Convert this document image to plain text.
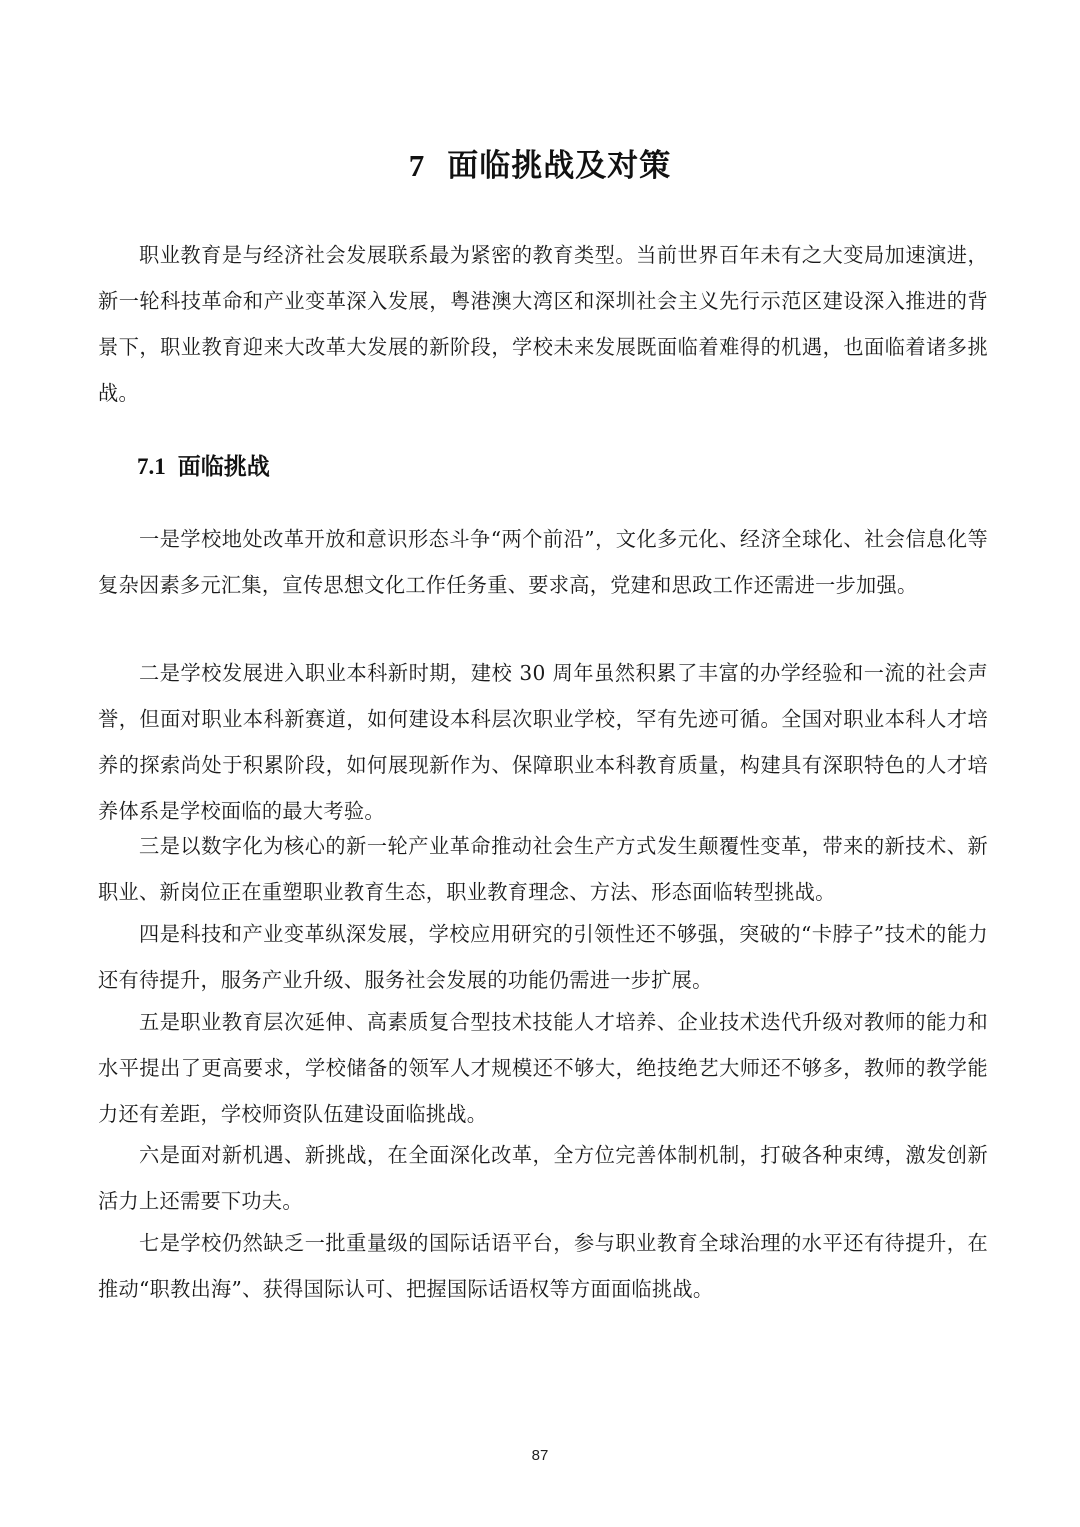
7 面临挑战及对策

职业教育是与经济社会发展联系最为紧密的教育类型。当前世界百年未有之大变局加速演进，新一轮科技革命和产业变革深入发展，粤港澳大湾区和深圳社会主义先行示范区建设深入推进的背景下，职业教育迎来大改革大发展的新阶段，学校未来发展既面临着难得的机遇，也面临着诸多挑战。

7.1 面临挑战

一是学校地处改革开放和意识形态斗争“两个前沿”，文化多元化、经济全球化、社会信息化等复杂因素多元汇集，宣传思想文化工作任务重、要求高，党建和思政工作还需进一步加强。

二是学校发展进入职业本科新时期，建校 30 周年虽然积累了丰富的办学经验和一流的社会声誉，但面对职业本科新赛道，如何建设本科层次职业学校，罕有先迹可循。全国对职业本科人才培养的探索尚处于积累阶段，如何展现新作为、保障职业本科教育质量，构建具有深职特色的人才培养体系是学校面临的最大考验。

三是以数字化为核心的新一轮产业革命推动社会生产方式发生颠覆性变革，带来的新技术、新职业、新岗位正在重塑职业教育生态，职业教育理念、方法、形态面临转型挑战。

四是科技和产业变革纵深发展，学校应用研究的引领性还不够强，突破的“卡脖子”技术的能力还有待提升，服务产业升级、服务社会发展的功能仍需进一步扩展。

五是职业教育层次延伸、高素质复合型技术技能人才培养、企业技术迭代升级对教师的能力和水平提出了更高要求，学校储备的领军人才规模还不够大，绝技绝艺大师还不够多，教师的教学能力还有差距，学校师资队伍建设面临挑战。

六是面对新机遇、新挑战，在全面深化改革，全方位完善体制机制，打破各种束缚，激发创新活力上还需要下功夫。

七是学校仍然缺乏一批重量级的国际话语平台，参与职业教育全球治理的水平还有待提升，在推动“职教出海”、获得国际认可、把握国际话语权等方面面临挑战。

87
